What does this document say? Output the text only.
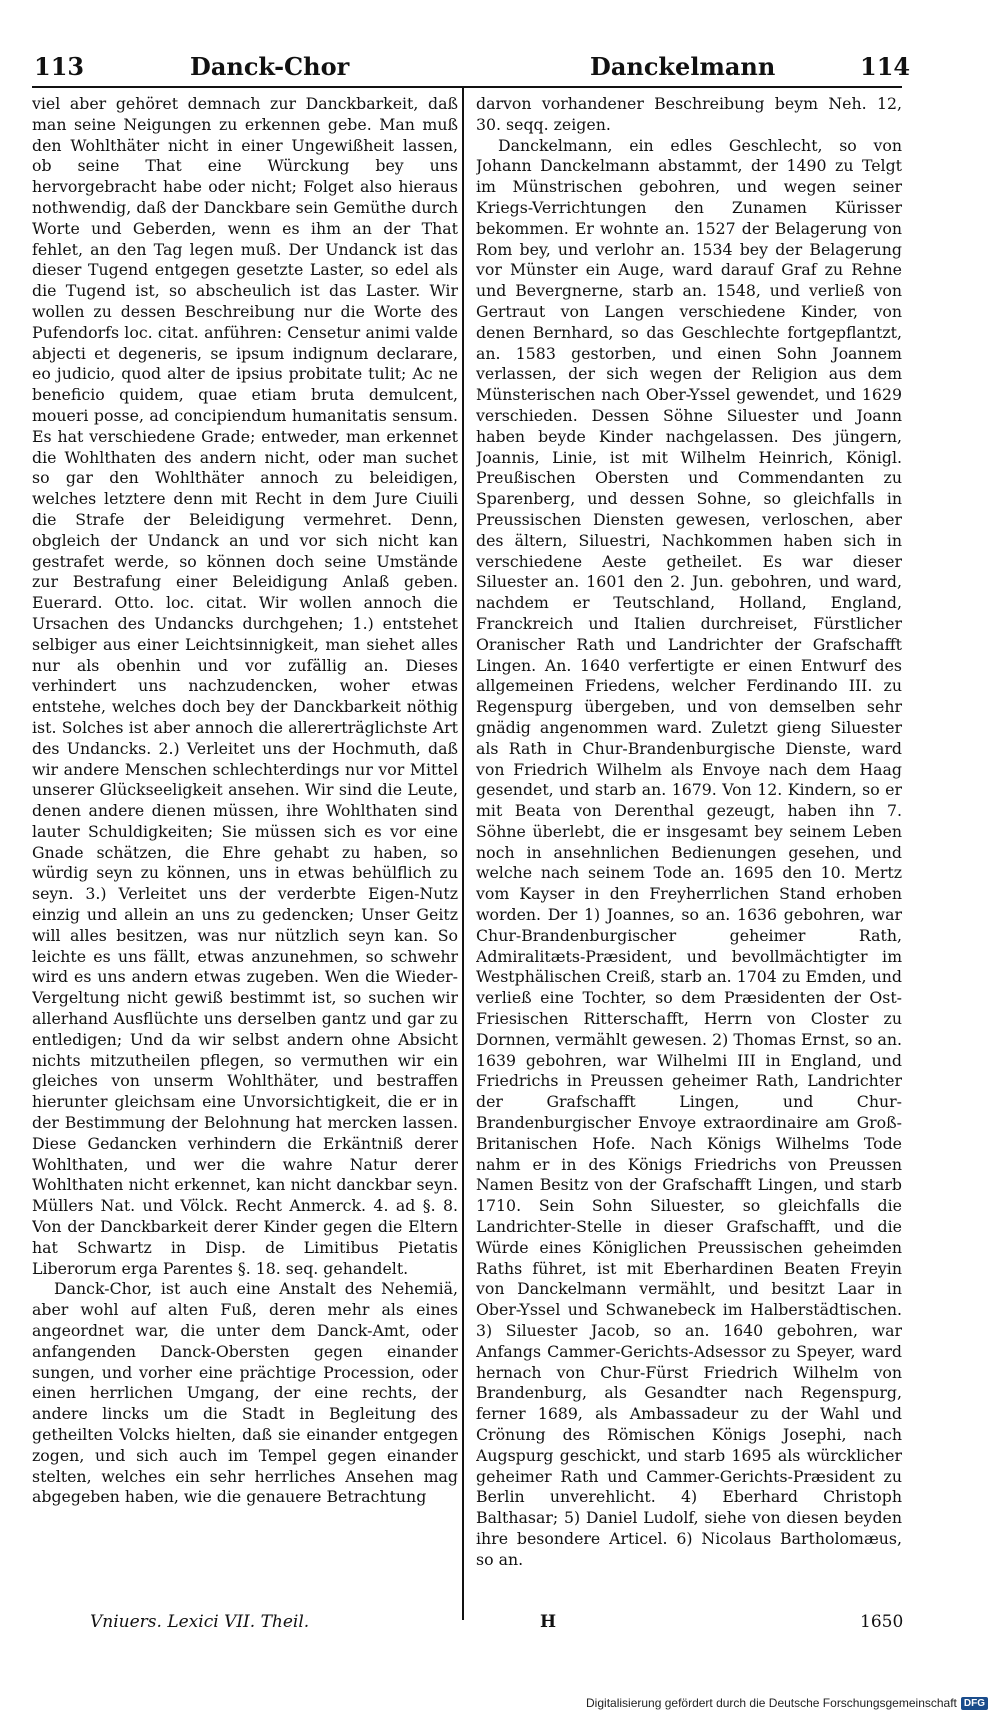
113	Danck-Chor	Danckelmann	114

viel aber gehöret demnach zur Danckbarkeit, daß man seine Neigungen zu erkennen gebe. Man muß den Wohlthäter nicht in einer Ungewißheit lassen, ob seine That eine Würckung bey uns hervorgebracht habe oder nicht; Folget also hieraus nothwendig, daß der Danckbare sein Gemüthe durch Worte und Geberden, wenn es ihm an der That fehlet, an den Tag legen muß. Der Undanck ist das dieser Tugend entgegen gesetzte Laster, so edel als die Tugend ist, so abscheulich ist das Laster. Wir wollen zu dessen Beschreibung nur die Worte des Pufendorfs loc. citat. anführen: Censetur animi valde abjecti et degeneris, se ipsum indignum declarare, eo judicio, quod alter de ipsius probitate tulit; Ac ne beneficio quidem, quae etiam bruta demulcent, moueri posse, ad concipiendum humanitatis sensum. Es hat verschiedene Grade; entweder, man erkennet die Wohlthaten des andern nicht, oder man suchet so gar den Wohlthäter annoch zu beleidigen, welches letztere denn mit Recht in dem Jure Ciuili die Strafe der Beleidigung vermehret. Denn, obgleich der Undanck an und vor sich nicht kan gestrafet werde, so können doch seine Umstände zur Bestrafung einer Beleidigung Anlaß geben. Euerard. Otto. loc. citat. Wir wollen annoch die Ursachen des Undancks durchgehen; 1.) entstehet selbiger aus einer Leichtsinnigkeit, man siehet alles nur als obenhin und vor zufällig an. Dieses verhindert uns nachzudencken, woher etwas entstehe, welches doch bey der Danckbarkeit nöthig ist. Solches ist aber annoch die allererträglichste Art des Undancks. 2.) Verleitet uns der Hochmuth, daß wir andere Menschen schlechterdings nur vor Mittel unserer Glückseeligkeit ansehen. Wir sind die Leute, denen andere dienen müssen, ihre Wohlthaten sind lauter Schuldigkeiten; Sie müssen sich es vor eine Gnade schätzen, die Ehre gehabt zu haben, so würdig seyn zu können, uns in etwas behülflich zu seyn. 3.) Verleitet uns der verderbte Eigen-Nutz einzig und allein an uns zu gedencken; Unser Geitz will alles besitzen, was nur nützlich seyn kan. So leichte es uns fällt, etwas anzunehmen, so schwehr wird es uns andern etwas zugeben. Wen die Wieder-Vergeltung nicht gewiß bestimmt ist, so suchen wir allerhand Ausflüchte uns derselben gantz und gar zu entledigen; Und da wir selbst andern ohne Absicht nichts mitzutheilen pflegen, so vermuthen wir ein gleiches von unserm Wohlthäter, und bestraffen hierunter gleichsam eine Unvorsichtigkeit, die er in der Bestimmung der Belohnung hat mercken lassen. Diese Gedancken verhindern die Erkäntniß derer Wohlthaten, und wer die wahre Natur derer Wohlthaten nicht erkennet, kan nicht danckbar seyn. Müllers Nat. und Völck. Recht Anmerck. 4. ad §. 8. Von der Danckbarkeit derer Kinder gegen die Eltern hat Schwartz in Disp. de Limitibus Pietatis Liberorum erga Parentes §. 18. seq. gehandelt.

Danck-Chor, ist auch eine Anstalt des Nehemiä, aber wohl auf alten Fuß, deren mehr als eines angeordnet war, die unter dem Danck-Amt, oder anfangenden Danck-Obersten gegen einander sungen, und vorher eine prächtige Procession, oder einen herrlichen Umgang, der eine rechts, der andere lincks um die Stadt in Begleitung des getheilten Volcks hielten, daß sie einander entgegen zogen, und sich auch im Tempel gegen einander stelten, welches ein sehr herrliches Ansehen mag abgegeben haben, wie die genauere Betrachtung

darvon vorhandener Beschreibung beym Neh. 12, 30. seqq. zeigen.

Danckelmann, ein edles Geschlecht, so von Johann Danckelmann abstammt, der 1490 zu Telgt im Münstrischen gebohren, und wegen seiner Kriegs-Verrichtungen den Zunamen Kürisser bekommen. Er wohnte an. 1527 der Belagerung von Rom bey, und verlohr an. 1534 bey der Belagerung vor Münster ein Auge, ward darauf Graf zu Rehne und Bevergnerne, starb an. 1548, und verließ von Gertraut von Langen verschiedene Kinder, von denen Bernhard, so das Geschlechte fortgepflantzt, an. 1583 gestorben, und einen Sohn Joannem verlassen, der sich wegen der Religion aus dem Münsterischen nach Ober-Yssel gewendet, und 1629 verschieden. Dessen Söhne Siluester und Joann haben beyde Kinder nachgelassen. Des jüngern, Joannis, Linie, ist mit Wilhelm Heinrich, Königl. Preußischen Obersten und Commendanten zu Sparenberg, und dessen Sohne, so gleichfalls in Preussischen Diensten gewesen, verloschen, aber des ältern, Siluestri, Nachkommen haben sich in verschiedene Aeste getheilet. Es war dieser Siluester an. 1601 den 2. Jun. gebohren, und ward, nachdem er Teutschland, Holland, England, Franckreich und Italien durchreiset, Fürstlicher Oranischer Rath und Landrichter der Grafschafft Lingen. An. 1640 verfertigte er einen Entwurf des allgemeinen Friedens, welcher Ferdinando III. zu Regenspurg übergeben, und von demselben sehr gnädig angenommen ward. Zuletzt gieng Siluester als Rath in Chur-Brandenburgische Dienste, ward von Friedrich Wilhelm als Envoye nach dem Haag gesendet, und starb an. 1679. Von 12. Kindern, so er mit Beata von Derenthal gezeugt, haben ihn 7. Söhne überlebt, die er insgesamt bey seinem Leben noch in ansehnlichen Bedienungen gesehen, und welche nach seinem Tode an. 1695 den 10. Mertz vom Kayser in den Freyherrlichen Stand erhoben worden. Der 1) Joannes, so an. 1636 gebohren, war Chur-Brandenburgischer geheimer Rath, Admiralitæts-Præsident, und bevollmächtigter im Westphälischen Creiß, starb an. 1704 zu Emden, und verließ eine Tochter, so dem Præsidenten der Ost-Friesischen Ritterschafft, Herrn von Closter zu Dornnen, vermählt gewesen. 2) Thomas Ernst, so an. 1639 gebohren, war Wilhelmi III in England, und Friedrichs in Preussen geheimer Rath, Landrichter der Grafschafft Lingen, und Chur-Brandenburgischer Envoye extraordinaire am Groß-Britanischen Hofe. Nach Königs Wilhelms Tode nahm er in des Königs Friedrichs von Preussen Namen Besitz von der Grafschafft Lingen, und starb 1710. Sein Sohn Siluester, so gleichfalls die Landrichter-Stelle in dieser Grafschafft, und die Würde eines Königlichen Preussischen geheimden Raths führet, ist mit Eberhardinen Beaten Freyin von Danckelmann vermählt, und besitzt Laar in Ober-Yssel und Schwanebeck im Halberstädtischen. 3) Siluester Jacob, so an. 1640 gebohren, war Anfangs Cammer-Gerichts-Adsessor zu Speyer, ward hernach von Chur-Fürst Friedrich Wilhelm von Brandenburg, als Gesandter nach Regenspurg, ferner 1689, als Ambassadeur zu der Wahl und Crönung des Römischen Königs Josephi, nach Augspurg geschickt, und starb 1695 als würcklicher geheimer Rath und Cammer-Gerichts-Præsident zu Berlin unverehlicht. 4) Eberhard Christoph Balthasar; 5) Daniel Ludolf, siehe von diesen beyden ihre besondere Articel. 6) Nicolaus Bartholomæus, so an.

Vniuers. Lexici VII. Theil.	H	1650
Digitalisierung gefördert durch die Deutsche Forschungsgemeinschaft DFG
